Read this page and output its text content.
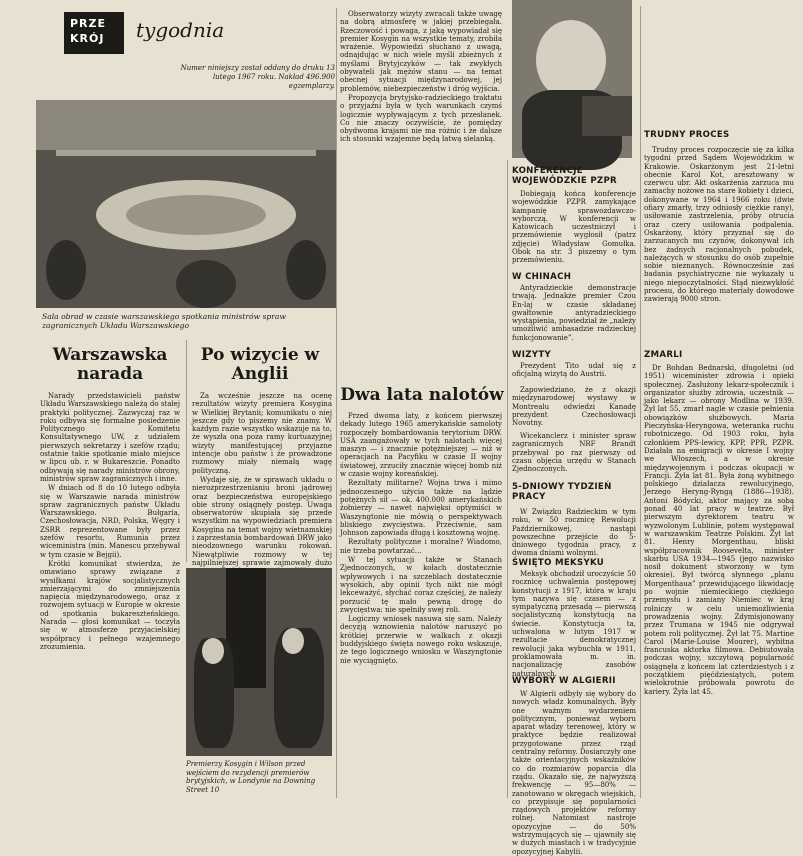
PRZE
KRÓJ	tygodnia
Numer niniejszy został oddany do druku 13 lutego 1967 roku. Nakład 496.900 egzemplarzy.
Sala obrad w czasie warszawskiego spotkania ministrów spraw zagranicznych Układu Warszawskiego
Warszawska narada

Narady przedstawicieli państw Układu Warszawskiego należą do stałej praktyki politycznej. Zazwyczaj raz w roku odbywa się formalne posiedzenie Politycznego Komitetu Konsultatywnego UW, z udziałem pierwszych sekretarzy i szefów rządu; ostatnie takie spotkanie miało miejsce w lipcu ub. r. w Bukareszcie. Ponadto odbywają się narady ministrów obrony, ministrów spraw zagranicznych i inne.

W dniach od 8 do 10 lutego odbyła się w Warszawie narada ministrów spraw zagranicznych państw Układu Warszawskiego. Bułgaria, Czechosłowacja, NRD, Polska, Węgry i ZSRR reprezentowane były przez szefów resortu, Rumunia przez wiceministra (min. Manescu przebywał w tym czasie w Bejgii).

Krótki komunikat stwierdza, że omawiano sprawy związane z wysiłkami krajów socjalistycznych zmierzającymi do zmniejszenia napięcia międzynarodowego, oraz z rozwojem sytuacji w Europie w okresie od spotkania bukareszteńskiego. Narada — głosi komunikat — toczyła się w atmosferze przyjacielskiej współpracy i pełnego wzajemnego zrozumienia.

Po wizycie w Anglii

Za wcześnie jeszcze na ocenę rezultatów wizyty premiera Kosygina w Wielkiej Brytanii; komunikatu o niej jeszcze gdy to piszemy nie znamy. W każdym razie wszystko wskazuje na to, że wyszła ona poza ramy kurtuazyjnej wizyty manifestującej przyjazne intencje obu państw i że prowadzone rozmowy miały niemałą wagę polityczną.

Wydaje się, że w sprawach układu o nierozprzestrzenianiu broni jądrowej oraz bezpieczeństwa europejskiego obie strony osiągnęły postęp. Uwaga obserwatorów skupiała się przede wszystkim na wypowiedziach premiera Kosygina na temat wojny wietnamskiej i zaprzestania bombardowań DRW jako nieodzownego warunku rokowań. Niewątpliwie rozmowy w tej najpilniejszej sprawie zajmowały dużo

Premierzy Kosygin i Wilson przed wejściem do rezydencji premierów brytyjskich, w Londynie na Downing Street 10

Obserwatorzy wizyty zwracali także uwagę na dobrą atmosferę w jakiej przebiegała. Rzeczowość i powaga, z jaką wypowiadał się premier Kosygin na wszystkie tematy, zrobiła wrażenie. Wypowiedzi słuchano z uwagą, odnajdując w nich wiele myśli zbieżnych z myślami Brytyjczyków — tak zwykłych obywateli jak mężów stanu — na temat obecnej sytuacji międzynarodowej, jej problemów, niebezpieczeństw i dróg wyjścia.

Propozycja brytyjsko-radzieckiego traktatu o przyjaźni była w tych warunkach czymś logicznie wypływającym z tych przesłanek. Co nie znaczy oczywiście, że pomiędzy obydwoma krajami nie ma różnic i że dalsze ich stosunki wzajemne będą łatwą sielanką.

Dwa lata nalotów

Przed dwoma laty, z końcem pierwszej dekady lutego 1965 amerykańskie samoloty rozpoczęły bombardowania terytorium DRW. USA zaangażowały w tych nalotach więcej maszyn — i znacznie potężniejszej — niż w operacjach na Pacyfiku w czasie II wojny światowej, zrzuciły znacznie więcej bomb niż w czasie wojny koreańskiej.

Rezultaty militarne? Wojna trwa i mimo jednoczesnego użycia także na lądzie potężnych sił — ok. 400.000 amerykańskich żołnierzy — nawet najwięksi optymiści w Waszyngtonie nie mówią o perspektywach bliskiego zwycięstwa. Przeciwnie, sam Johnson zapowiada długą i kosztowną wojnę.

Rezultaty polityczne i moralne? Wiadomo, nie trzeba powtarzać...

W tej sytuacji także w Stanach Zjednoczonych, w kołach dostatecznie wpływowych i na szczeblach dostatecznie wysokich, aby opinii tych nikt nie mógł lekceważyć, słychać coraz częściej, że należy porzucić tę mało pewną drogę do zwycięstwa: nie spełniły swej roli.

Logiczny wniosek nasuwa się sam. Należy decyzją wznowienia nalotów naruszyć po krótkiej przerwie w walkach z okazji buddyjskiego święta nowego roku wskazuje, że tego logicznego wniosku w Waszyngtonie nie wyciągnięto.

KONFERENCJE WOJEWÓDZKIE PZPR

Dobiegają końca konferencje wojewódzkie PZPR zamykające kampanię sprawozdawczo-wyborczą. W konferencji w Katowicach uczestniczył i przemówienie wygłosił (patrz zdjęcie) Władysław Gomułka. Obok na str. 3 piszemy o tym przemówieniu.

W CHINACH

Antyradzieckie demonstracje trwają. Jednakże premier Czou En-laj w czasie składanej gwałtownie antyradzieckiego wystąpienia, powiedział że „należy umożliwić ambasadzie radzieckiej funkcjonowanie”.

WIZYTY

Prezydent Tito udał się z oficjalną wizytą do Austrii.

Zapowiedziano, że z okazji międzynarodowej wystawy w Montrealu odwiedzi Kanadę prezydent Czechosłowacji Novotny.

Wicekanclerz i minister spraw zagranicznych NRF Brandt przebywał po raz pierwszy od czasu objęcia urzędu w Stanach Zjednoczonych.

5-DNIOWY TYDZIEŃ PRACY

W Związku Radzieckim w tym roku, w 50 rocznicę Rewolucji Październikowej, nastąpi powszechne przejście do 5-dniowego tygodnia pracy, z dwoma dniami wolnymi.

ŚWIĘTO MEKSYKU

Meksyk obchodził uroczyście 50 rocznicę uchwalenia postępowej konstytucji z 1917, która w kraju tym nazywa się czasem — z sympatyczną przesadą — pierwszą socjalistyczną konstytucją na świecie. Konstytucja ta, uchwalona w lutym 1917 w rezultacie demokratycznej rewolucji jaka wybuchła w 1911, proklamowała m. in. nacjonalizację zasobów naturalnych.

WYBORY W ALGIERII

W Algierii odbyły się wybory do nowych władz komunalnych. Były one ważnym wydarzeniem politycznym, ponieważ wyboru aparat władzy terenowej, który w praktyce będzie realizował przygotowane przez rząd centralny reformy. Dosiarczyły one także orientacyjnych wskaźników co do rozmiarów poparcia dla rządu. Okazało się, że najwyższą frekwencję — 95—80% — zanotowano w okręgach wiejskich, co przypisuje się popularności rządowych projektów reformy rolnej. Natomiast nastroje opozycyjne — do 50% wstrzymujących się — ujawniły się w dużych miastach i w tradycyjnie opozycyjnej Kabylii.

TRUDNY PROCES

Trudny proces rozpoczęcie się za kilka tygodni przed Sądem Wojewódzkim w Krakowie. Oskarżonym jest 21-letni obecnie Karol Kot, aresztowany w czerwcu ubr. Akt oskarżenia zarzuca mu zamachy nożowe na stare kobiety i dzieci, dokonywane w 1964 i 1966 roku (dwie ofiary zmarły, trzy odniosły ciężkie rany), usiłowanie zastrzelenia, próby otrucia oraz czery usiłowania podpalenia. Oskarżony, który przyznał się do zarzucanych mu czynów, dokonywał ich bez żadnych racjonalnych pobudek, należących w stosunku do osób zupełnie sobie nieznanych. Równocześnie zaś badania psychiatryczne nie wykazały u niego niepoczytalności. Stąd niezwykłość procesu, do którego materiały dowodowe zawierają 9000 stron.

ZMARLI

Dr Bohdan Bednarski, długoletni (od 1951) wiceminister zdrowia i opieki społecznej. Zasłużony lekarz-społecznik i organizator służby zdrowia, uczestnik — jako lekarz — obrony Modlina w 1939. Żył lat 55, zmarł nagle w czasie pełnienia obowiązków służbowych. Maria Pieczyńska-Heryngowa, weteranka ruchu robotniczego. Od 1903 roku, była członkiem PPS-lewicy, KPP, PPR, PZPR. Działała na emigracji w okresie I wojny we Włoszech, a w okresie międzywojennym i podczas okupacji w Francji. Żyła lat 81. Była żoną wybitnego polskiego działacza rewolucyjnego, Jerzego Heryng-Ryngą (1886—1938). Antoni Bódycki, aktor mający za sobą ponad 40 lat pracy w teatrze. Był pierwszym dyrektorem teatru w wyzwolonym Lublinie, potem występował w warszawskim Teatrze Polskim. Żył lat 81. Henry Morgenthau, bliski współpracownik Roosevelta, minister skarbu USA 1934—1945 (jego nazwisko nosił dokument stworzony w tym okresie). Był twórcą słynnego „planu Morgenthaua” przewidującego likwidację po wojnie niemieckiego ciężkiego przemysłu i zamiany Niemiec w kraj rolniczy w celu uniemożliwienia prowadzenia wojny. Zdymisjonowany przez Trumana w 1945 nie odgrywał potem roli politycznej. Żył lat 75. Martine Carol (Marie-Louise Mourer), wybitna francuska aktorka filmowa. Debiutowała podczas wojny, szczytową popularność osiągnęła z końcem lat czterdziestych i z początkiem pięćdziesiątych, potem wielokrotnie próbowała powrotu do kariery. Żyła lat 45.
